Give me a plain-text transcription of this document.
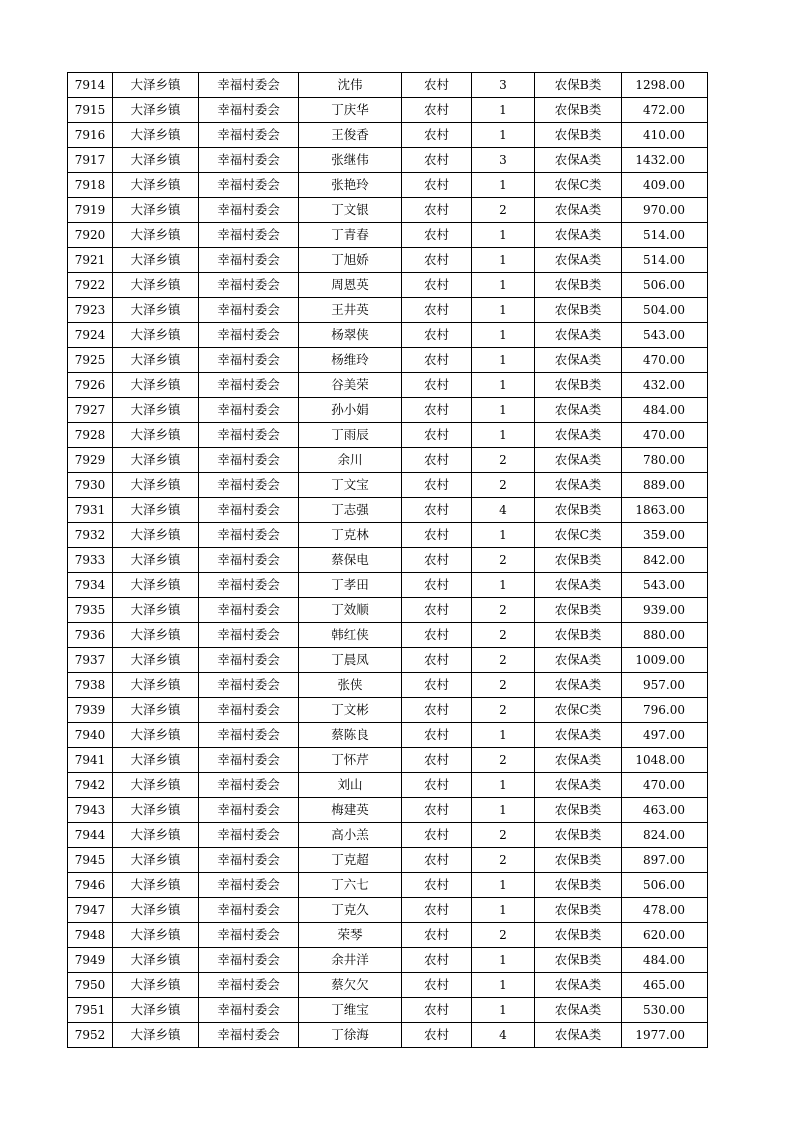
7914	大泽乡镇	幸福村委会	沈伟	农村	3	农保B类	1298.00
7915	大泽乡镇	幸福村委会	丁庆华	农村	1	农保B类	472.00
7916	大泽乡镇	幸福村委会	王俊香	农村	1	农保B类	410.00
7917	大泽乡镇	幸福村委会	张继伟	农村	3	农保A类	1432.00
7918	大泽乡镇	幸福村委会	张艳玲	农村	1	农保C类	409.00
7919	大泽乡镇	幸福村委会	丁文银	农村	2	农保A类	970.00
7920	大泽乡镇	幸福村委会	丁青春	农村	1	农保A类	514.00
7921	大泽乡镇	幸福村委会	丁旭娇	农村	1	农保A类	514.00
7922	大泽乡镇	幸福村委会	周恩英	农村	1	农保B类	506.00
7923	大泽乡镇	幸福村委会	王井英	农村	1	农保B类	504.00
7924	大泽乡镇	幸福村委会	杨翠侠	农村	1	农保A类	543.00
7925	大泽乡镇	幸福村委会	杨维玲	农村	1	农保A类	470.00
7926	大泽乡镇	幸福村委会	谷美荣	农村	1	农保B类	432.00
7927	大泽乡镇	幸福村委会	孙小娟	农村	1	农保A类	484.00
7928	大泽乡镇	幸福村委会	丁雨辰	农村	1	农保A类	470.00
7929	大泽乡镇	幸福村委会	余川	农村	2	农保A类	780.00
7930	大泽乡镇	幸福村委会	丁文宝	农村	2	农保A类	889.00
7931	大泽乡镇	幸福村委会	丁志强	农村	4	农保B类	1863.00
7932	大泽乡镇	幸福村委会	丁克林	农村	1	农保C类	359.00
7933	大泽乡镇	幸福村委会	蔡保电	农村	2	农保B类	842.00
7934	大泽乡镇	幸福村委会	丁孝田	农村	1	农保A类	543.00
7935	大泽乡镇	幸福村委会	丁效顺	农村	2	农保B类	939.00
7936	大泽乡镇	幸福村委会	韩红侠	农村	2	农保B类	880.00
7937	大泽乡镇	幸福村委会	丁晨凤	农村	2	农保A类	1009.00
7938	大泽乡镇	幸福村委会	张侠	农村	2	农保A类	957.00
7939	大泽乡镇	幸福村委会	丁文彬	农村	2	农保C类	796.00
7940	大泽乡镇	幸福村委会	蔡陈良	农村	1	农保A类	497.00
7941	大泽乡镇	幸福村委会	丁怀芹	农村	2	农保A类	1048.00
7942	大泽乡镇	幸福村委会	刘山	农村	1	农保A类	470.00
7943	大泽乡镇	幸福村委会	梅建英	农村	1	农保B类	463.00
7944	大泽乡镇	幸福村委会	高小羔	农村	2	农保B类	824.00
7945	大泽乡镇	幸福村委会	丁克超	农村	2	农保B类	897.00
7946	大泽乡镇	幸福村委会	丁六七	农村	1	农保B类	506.00
7947	大泽乡镇	幸福村委会	丁克久	农村	1	农保B类	478.00
7948	大泽乡镇	幸福村委会	荣琴	农村	2	农保B类	620.00
7949	大泽乡镇	幸福村委会	余井洋	农村	1	农保B类	484.00
7950	大泽乡镇	幸福村委会	蔡欠欠	农村	1	农保A类	465.00
7951	大泽乡镇	幸福村委会	丁维宝	农村	1	农保A类	530.00
7952	大泽乡镇	幸福村委会	丁徐海	农村	4	农保A类	1977.00
